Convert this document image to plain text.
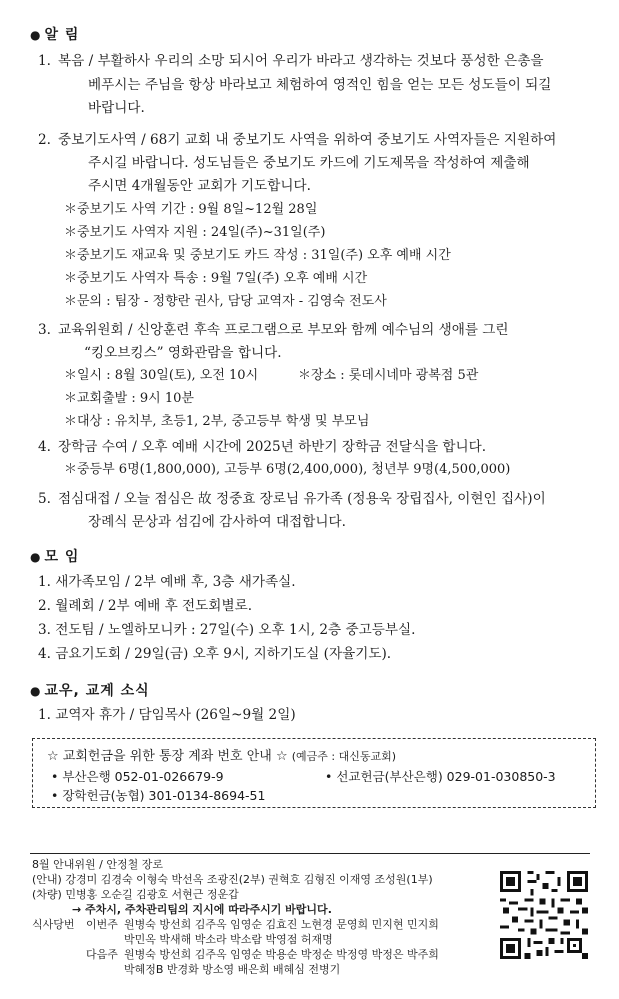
● 알 림
1. 복음 / 부활하사 우리의 소망 되시어 우리가 바라고 생각하는 것보다 풍성한 은총을
베푸시는 주님을 항상 바라보고 체험하여 영적인 힘을 얻는 모든 성도들이 되길
바랍니다.
2. 중보기도사역 / 68기 교회 내 중보기도 사역을 위하여 중보기도 사역자들은 지원하여
주시길 바랍니다. 성도님들은 중보기도 카드에 기도제목을 작성하여 제출해
주시면 4개월동안 교회가 기도합니다.
＊중보기도 사역 기간 : 9월 8일~12월 28일
＊중보기도 사역자 지원 : 24일(주)~31일(주)
＊중보기도 재교육 및 중보기도 카드 작성 : 31일(주) 오후 예배 시간
＊중보기도 사역자 특송 : 9월 7일(주) 오후 예배 시간
＊문의 : 팀장 - 정향란 권사, 담당 교역자 - 김영숙 전도사
3. 교육위원회 / 신앙훈련 후속 프로그램으로 부모와 함께 예수님의 생애를 그린
“킹오브킹스” 영화관람을 합니다.
＊일시 : 8월 30일(토), 오전 10시	＊장소 : 롯데시네마 광복점 5관
＊교회출발 : 9시 10분
＊대상 : 유치부, 초등1, 2부, 중고등부 학생 및 부모님
4. 장학금 수여 / 오후 예배 시간에 2025년 하반기 장학금 전달식을 합니다.
＊중등부 6명(1,800,000), 고등부 6명(2,400,000), 청년부 9명(4,500,000)
5. 점심대접 / 오늘 점심은 故 정중효 장로님 유가족 (정용욱 장립집사, 이현인 집사)이
장례식 문상과 섬김에 감사하여 대접합니다.
● 모 임
1. 새가족모임 / 2부 예배 후, 3층 새가족실.
2. 월례회 / 2부 예배 후 전도회별로.
3. 전도팀 / 노엘하모니카 : 27일(수) 오후 1시, 2층 중고등부실.
4. 금요기도회 / 29일(금) 오후 9시, 지하기도실 (자율기도).
● 교우, 교계 소식
1. 교역자 휴가 / 담임목사 (26일~9월 2일)
☆ 교회헌금을 위한 통장 계좌 번호 안내 ☆ (예금주 : 대신동교회)
• 부산은행 052-01-026679-9	• 선교헌금(부산은행) 029-01-030850-3
• 장학헌금(농협) 301-0134-8694-51
8월 안내위원 / 안정철 장로
(안내) 강경미 김경숙 이형숙 박선옥 조광진(2부) 권혁호 김형진 이재영 조성원(1부)
(차량) 민병홍 오순길 김광호 서현근 정운갑
→ 주차시, 주차관리팀의 지시에 따라주시기 바랍니다.
식사당번 이번주 원병숙 방선희 김주옥 임영순 김효진 노현경 문영희 민지현 민지희
박민옥 박새해 박소라 박소람 박영점 허재명
다음주 원병숙 방선희 김주옥 임영순 박용순 박정순 박정영 박정은 박주희
박혜정B 반경화 방소영 배은희 배혜심 전병기
